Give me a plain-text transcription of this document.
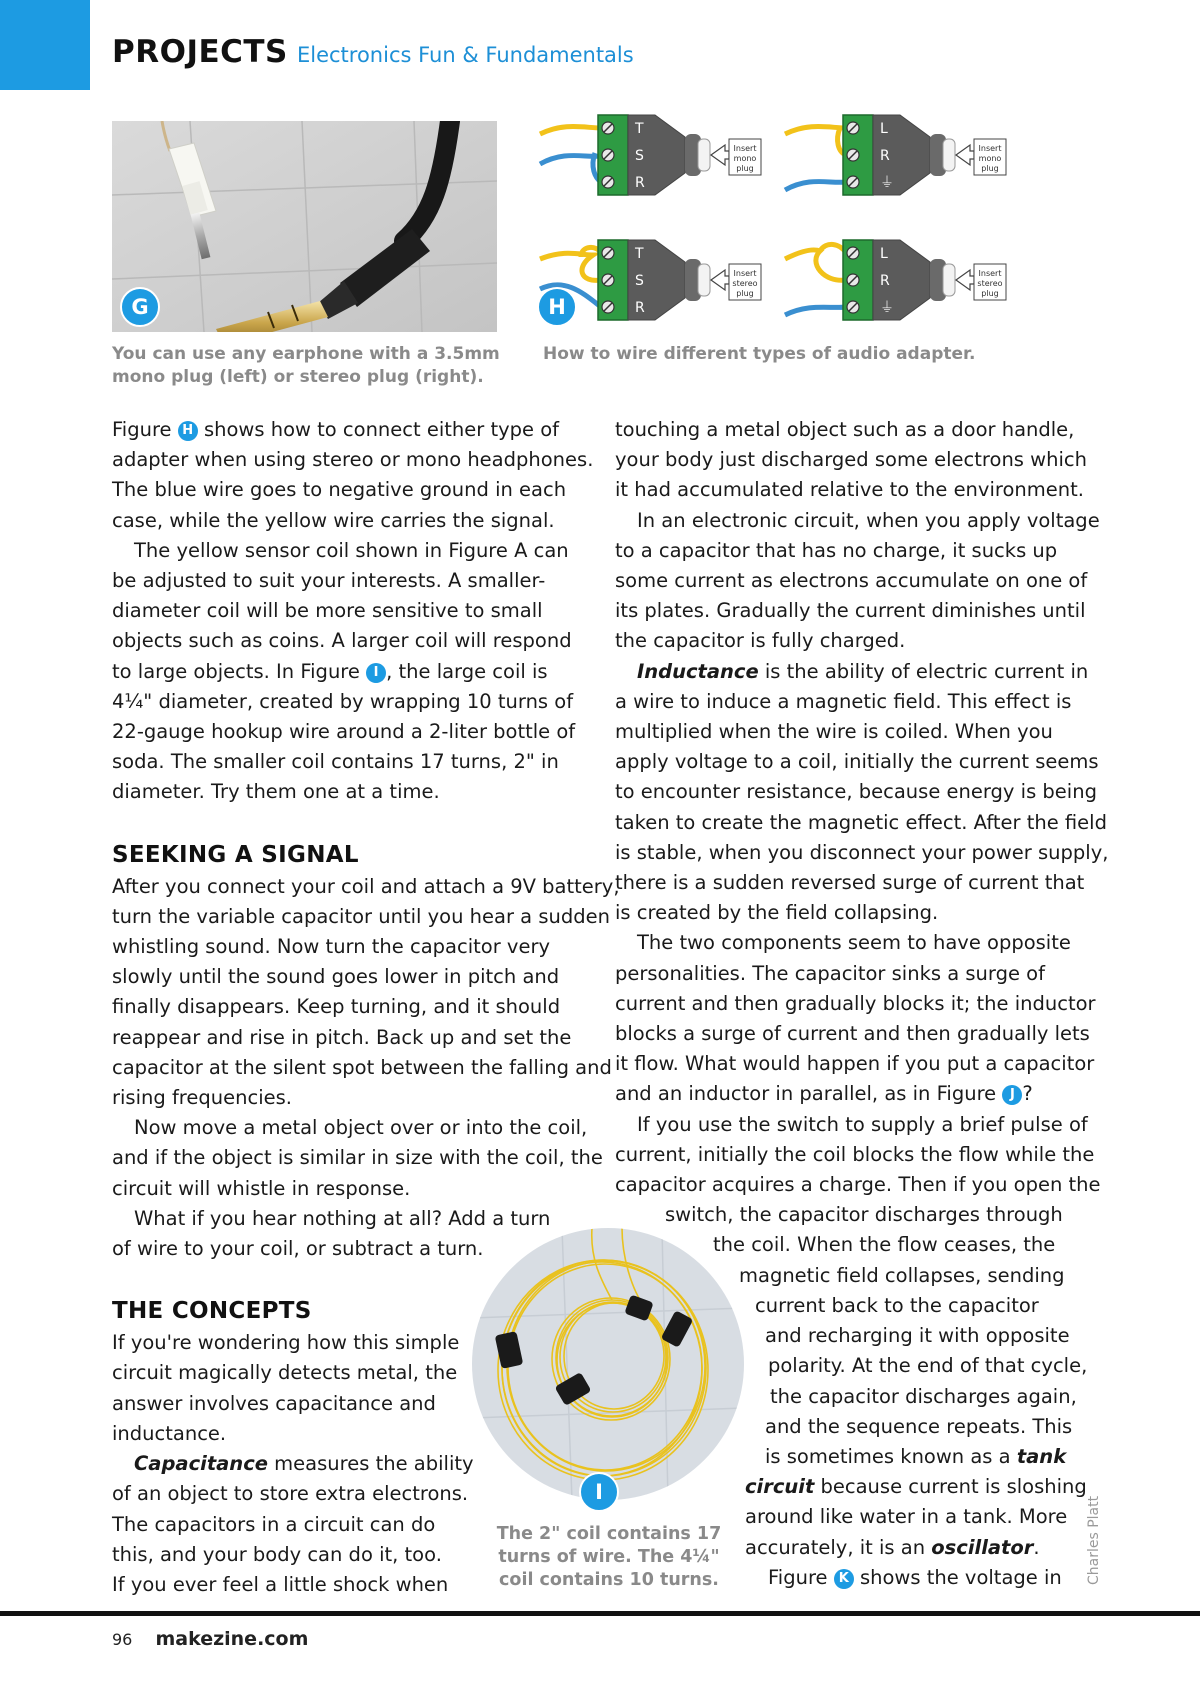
PROJECTS Electronics Fun & Fundamentals
G
T
S
R
Insert
mono
plug
L
R
⏚
Insert
mono
plug
T
S
R
Insert
stereo
plug
L
R
⏚
Insert
stereo
plug
H
You can use any earphone with a 3.5mm
mono plug (left) or stereo plug (right).
How to wire different types of audio adapter.

Figure H shows how to connect either type of
adapter when using stereo or mono headphones.
The blue wire goes to negative ground in each
case, while the yellow wire carries the signal.

The yellow sensor coil shown in Figure A can
be adjusted to suit your interests. A smaller-
diameter coil will be more sensitive to small
objects such as coins. A larger coil will respond
to large objects. In Figure I , the large coil is
4¼" diameter, created by wrapping 10 turns of
22-gauge hookup wire around a 2-liter bottle of
soda. The smaller coil contains 17 turns, 2" in
diameter. Try them one at a time.

SEEKING A SIGNAL

After you connect your coil and attach a 9V battery,
turn the variable capacitor until you hear a sudden
whistling sound. Now turn the capacitor very
slowly until the sound goes lower in pitch and
finally disappears. Keep turning, and it should
reappear and rise in pitch. Back up and set the
capacitor at the silent spot between the falling and
rising frequencies.

Now move a metal object over or into the coil,
and if the object is similar in size with the coil, the
circuit will whistle in response.

What if you hear nothing at all? Add a turn
of wire to your coil, or subtract a turn.

THE CONCEPTS

If you're wondering how this simple
circuit magically detects metal, the
answer involves capacitance and
inductance.

Capacitance measures the ability
of an object to store extra electrons.
The capacitors in a circuit can do
this, and your body can do it, too.
If you ever feel a little shock when

I
The 2" coil contains 17
turns of wire. The 4¼"
coil contains 10 turns.

touching a metal object such as a door handle,
your body just discharged some electrons which
it had accumulated relative to the environment.

In an electronic circuit, when you apply voltage
to a capacitor that has no charge, it sucks up
some current as electrons accumulate on one of
its plates. Gradually the current diminishes until
the capacitor is fully charged.

Inductance is the ability of electric current in
a wire to induce a magnetic field. This effect is
multiplied when the wire is coiled. When you
apply voltage to a coil, initially the current seems
to encounter resistance, because energy is being
taken to create the magnetic effect. After the field
is stable, when you disconnect your power supply,
there is a sudden reversed surge of current that
is created by the field collapsing.

The two components seem to have opposite
personalities. The capacitor sinks a surge of
current and then gradually blocks it; the inductor
blocks a surge of current and then gradually lets
it flow. What would happen if you put a capacitor
and an inductor in parallel, as in Figure J ?

If you use the switch to supply a brief pulse of
current, initially the coil blocks the flow while the
capacitor acquires a charge. Then if you open the
switch, the capacitor discharges through
the coil. When the flow ceases, the
magnetic field collapses, sending
current back to the capacitor
and recharging it with opposite
polarity. At the end of that cycle,
the capacitor discharges again,
and the sequence repeats. This
is sometimes known as a tank
circuit because current is sloshing
around like water in a tank. More
accurately, it is an oscillator.

Figure K shows the voltage in	Charles Platt
96 makezine.com
